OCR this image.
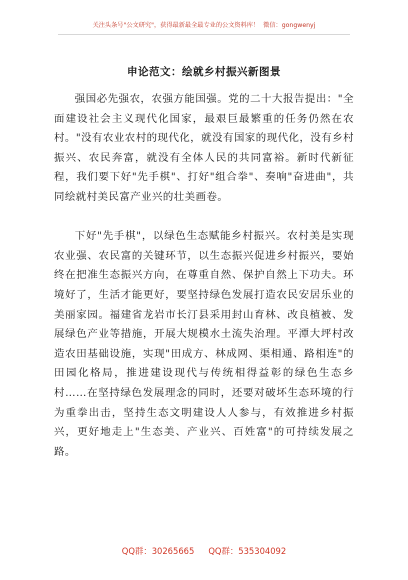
关注头条号"公文研究"，获得最新最全最专业的公文资料库！ 微信：gongwenyj
申论范文：绘就乡村振兴新图景

强国必先强农，农强方能国强。党的二十大报告提出："全面建设社会主义现代化国家，最艰巨最繁重的任务仍然在农村。"没有农业农村的现代化，就没有国家的现代化，没有乡村振兴、农民奔富，就没有全体人民的共同富裕。新时代新征程，我们要下好"先手棋"、打好"组合拳"、奏响"奋进曲"，共同绘就村美民富产业兴的壮美画卷。

下好"先手棋"，以绿色生态赋能乡村振兴。农村美是实现农业强、农民富的关键环节，以生态振兴促进乡村振兴，要始终在把准生态振兴方向，在尊重自然、保护自然上下功夫。环境好了，生活才能更好，要坚持绿色发展打造农民安居乐业的美丽家园。福建省龙岩市长汀县采用封山育林、改良植被、发展绿色产业等措施，开展大规模水土流失治理。平潭大坪村改造农田基础设施，实现"田成方、林成网、渠相通、路相连"的田园化格局，推进建设现代与传统相得益彰的绿色生态乡村……在坚持绿色发展理念的同时，还要对破坏生态环境的行为重拳出击，坚持生态文明建设人人参与，有效推进乡村振兴，更好地走上"生态美、产业兴、百姓富"的可持续发展之路。

QQ群：30265665 QQ群：535304092
